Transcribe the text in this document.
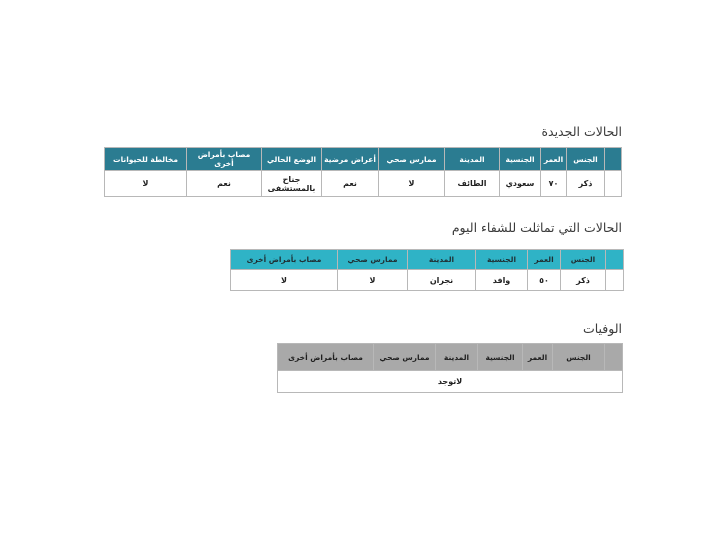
الحالات الجديدة
	الجنس	العمر	الجنسية	المدينة	ممارس صحي	أعراض مرضية	الوضع الحالي	مصاب بأمراض أخرى	مخالطة للحيوانات
	ذكر	٧٠	سعودي	الطائف	لا	نعم	جناح بالمستشفى	نعم	لا
الحالات التي تماثلت للشفاء اليوم
	الجنس	العمر	الجنسية	المدينة	ممارس صحي	مصاب بأمراض أخرى
	ذكر	٥٠	وافد	نجران	لا	لا
الوفيات
	الجنس	العمر	الجنسية	المدينة	ممارس صحي	مصاب بأمراض أخرى
لاتوجد
